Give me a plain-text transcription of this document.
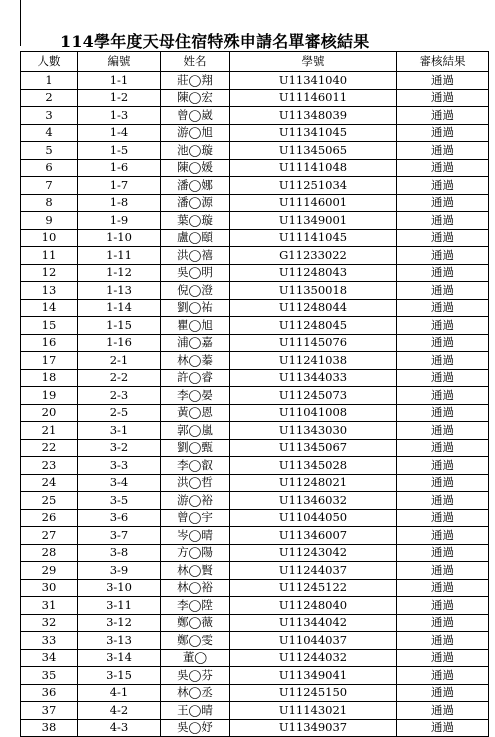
114學年度天母住宿特殊申請名單審核結果
人數	編號	姓名	學號	審核結果
1	1-1	莊◯翔	U11341040	通過
2	1-2	陳◯宏	U11146011	通過
3	1-3	曾◯崴	U11348039	通過
4	1-4	游◯旭	U11341045	通過
5	1-5	池◯璇	U11345065	通過
6	1-6	陳◯媛	U11141048	通過
7	1-7	潘◯娜	U11251034	通過
8	1-8	潘◯源	U11146001	通過
9	1-9	葉◯璇	U11349001	通過
10	1-10	盧◯頤	U11141045	通過
11	1-11	洪◯禧	G11233022	通過
12	1-12	吳◯明	U11248043	通過
13	1-13	倪◯澄	U11350018	通過
14	1-14	劉◯祐	U11248044	通過
15	1-15	瞿◯旭	U11248045	通過
16	1-16	浦◯嘉	U11145076	通過
17	2-1	林◯蓁	U11241038	通過
18	2-2	許◯睿	U11344033	通過
19	2-3	李◯晏	U11245073	通過
20	2-5	黃◯恩	U11041008	通過
21	3-1	郭◯嵐	U11343030	通過
22	3-2	劉◯甄	U11345067	通過
23	3-3	李◯叡	U11345028	通過
24	3-4	洪◯哲	U11248021	通過
25	3-5	游◯裕	U11346032	通過
26	3-6	曾◯宇	U11044050	通過
27	3-7	岑◯晴	U11346007	通過
28	3-8	方◯陽	U11243042	通過
29	3-9	林◯賢	U11244037	通過
30	3-10	林◯裕	U11245122	通過
31	3-11	李◯陞	U11248040	通過
32	3-12	鄭◯薇	U11344042	通過
33	3-13	鄭◯雯	U11044037	通過
34	3-14	董◯	U11244032	通過
35	3-15	吳◯芬	U11349041	通過
36	4-1	林◯丞	U11245150	通過
37	4-2	王◯晴	U11143021	通過
38	4-3	吳◯妤	U11349037	通過
